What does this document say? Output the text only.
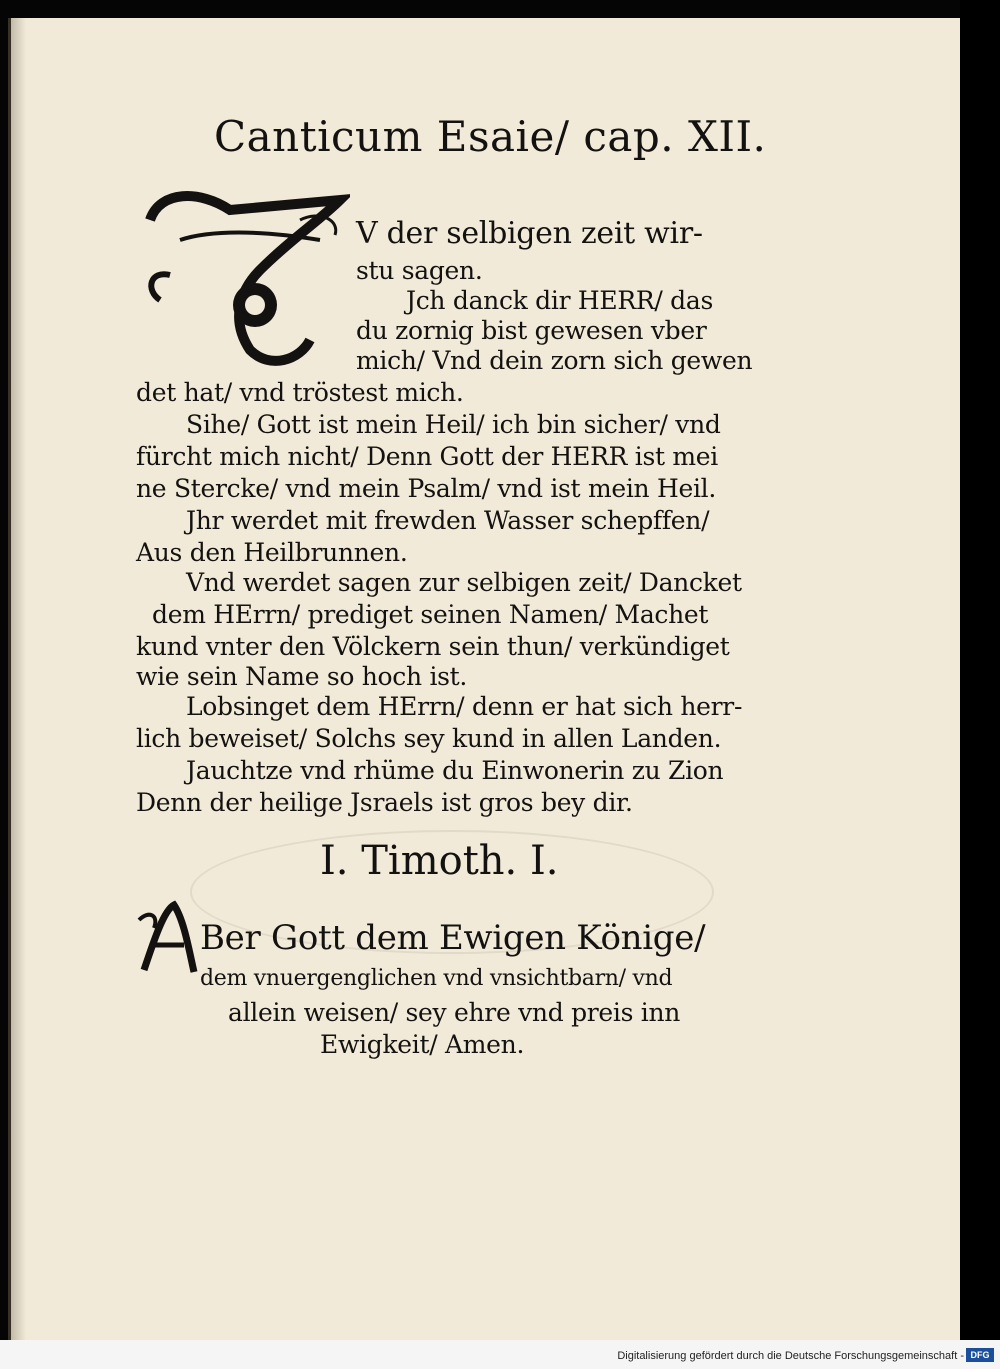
Canticum Esaie/ cap. XII.
V der selbigen zeit wir-
stu sagen.
Jch danck dir HERR/ das
du zornig bist gewesen vber
mich/ Vnd dein zorn sich gewen
det hat/ vnd tröstest mich.
Sihe/ Gott ist mein Heil/ ich bin sicher/ vnd
fürcht mich nicht/ Denn Gott der HERR ist mei
ne Stercke/ vnd mein Psalm/ vnd ist mein Heil.
Jhr werdet mit frewden Wasser schepffen/
Aus den Heilbrunnen.
Vnd werdet sagen zur selbigen zeit/ Dancket
dem HErrn/ prediget seinen Namen/ Machet
kund vnter den Völckern sein thun/ verkündiget
wie sein Name so hoch ist.
Lobsinget dem HErrn/ denn er hat sich herr-
lich beweiset/ Solchs sey kund in allen Landen.
Jauchtze vnd rhüme du Einwonerin zu Zion
Denn der heilige Jsraels ist gros bey dir.
I. Timoth. I.
Ber Gott dem Ewigen Könige/
dem vnuergenglichen vnd vnsichtbarn/ vnd
allein weisen/ sey ehre vnd preis inn
Ewigkeit/ Amen.
Digitalisierung gefördert durch die Deutsche Forschungsgemeinschaft - DFG
